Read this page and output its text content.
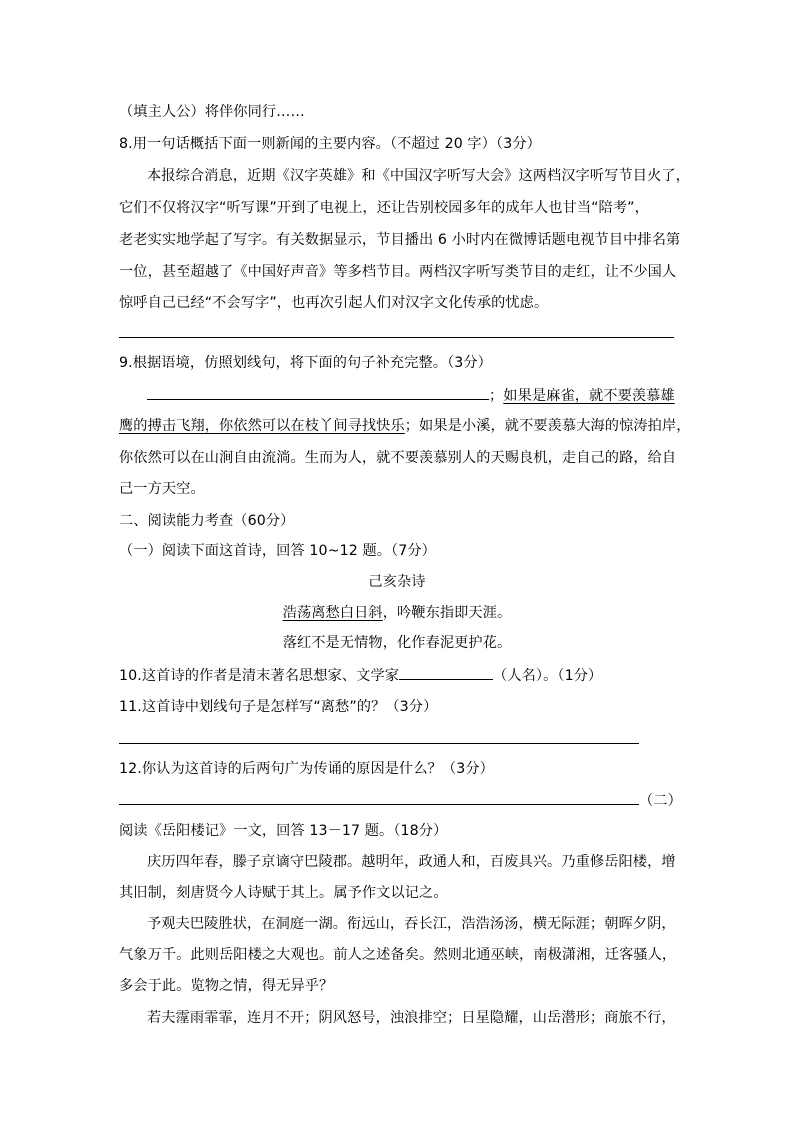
（填主人公）将伴你同行……
8.用一句话概括下面一则新闻的主要内容。（不超过 20 字）（3分）
本报综合消息，近期《汉字英雄》和《中国汉字听写大会》这两档汉字听写节目火了，
它们不仅将汉字“听写课”开到了电视上，还让告别校园多年的成年人也甘当“陪考”，
老老实实地学起了写字。有关数据显示，节目播出 6 小时内在微博话题电视节目中排名第
一位，甚至超越了《中国好声音》等多档节目。两档汉字听写类节目的走红，让不少国人
惊呼自己已经“不会写字”，也再次引起人们对汉字文化传承的忧虑。
9.根据语境，仿照划线句，将下面的句子补充完整。（3分）
；如果是麻雀，就不要羡慕雄
鹰的搏击飞翔，你依然可以在枝丫间寻找快乐；如果是小溪，就不要羡慕大海的惊涛拍岸，
你依然可以在山涧自由流淌。生而为人，就不要羡慕别人的天赐良机，走自己的路，给自
己一方天空。
二、阅读能力考查（60分）
（一）阅读下面这首诗，回答 10~12 题。（7分）
己亥杂诗
浩荡离愁白日斜，吟鞭东指即天涯。
落红不是无情物，化作春泥更护花。
10.这首诗的作者是清末著名思想家、文学家	（人名）。（1分）
11.这首诗中划线句子是怎样写“离愁”的？（3分）
12.你认为这首诗的后两句广为传诵的原因是什么？（3分）
（二）
阅读《岳阳楼记》一文，回答 13－17 题。（18分）
庆历四年春，滕子京谪守巴陵郡。越明年，政通人和，百废具兴。乃重修岳阳楼，增
其旧制，刻唐贤今人诗赋于其上。属予作文以记之。
予观夫巴陵胜状，在洞庭一湖。衔远山，吞长江，浩浩汤汤，横无际涯；朝晖夕阴，
气象万千。此则岳阳楼之大观也。前人之述备矣。然则北通巫峡，南极潇湘，迁客骚人，
多会于此。览物之情，得无异乎？
若夫霪雨霏霏，连月不开；阴风怒号，浊浪排空；日星隐耀，山岳潜形；商旅不行，
